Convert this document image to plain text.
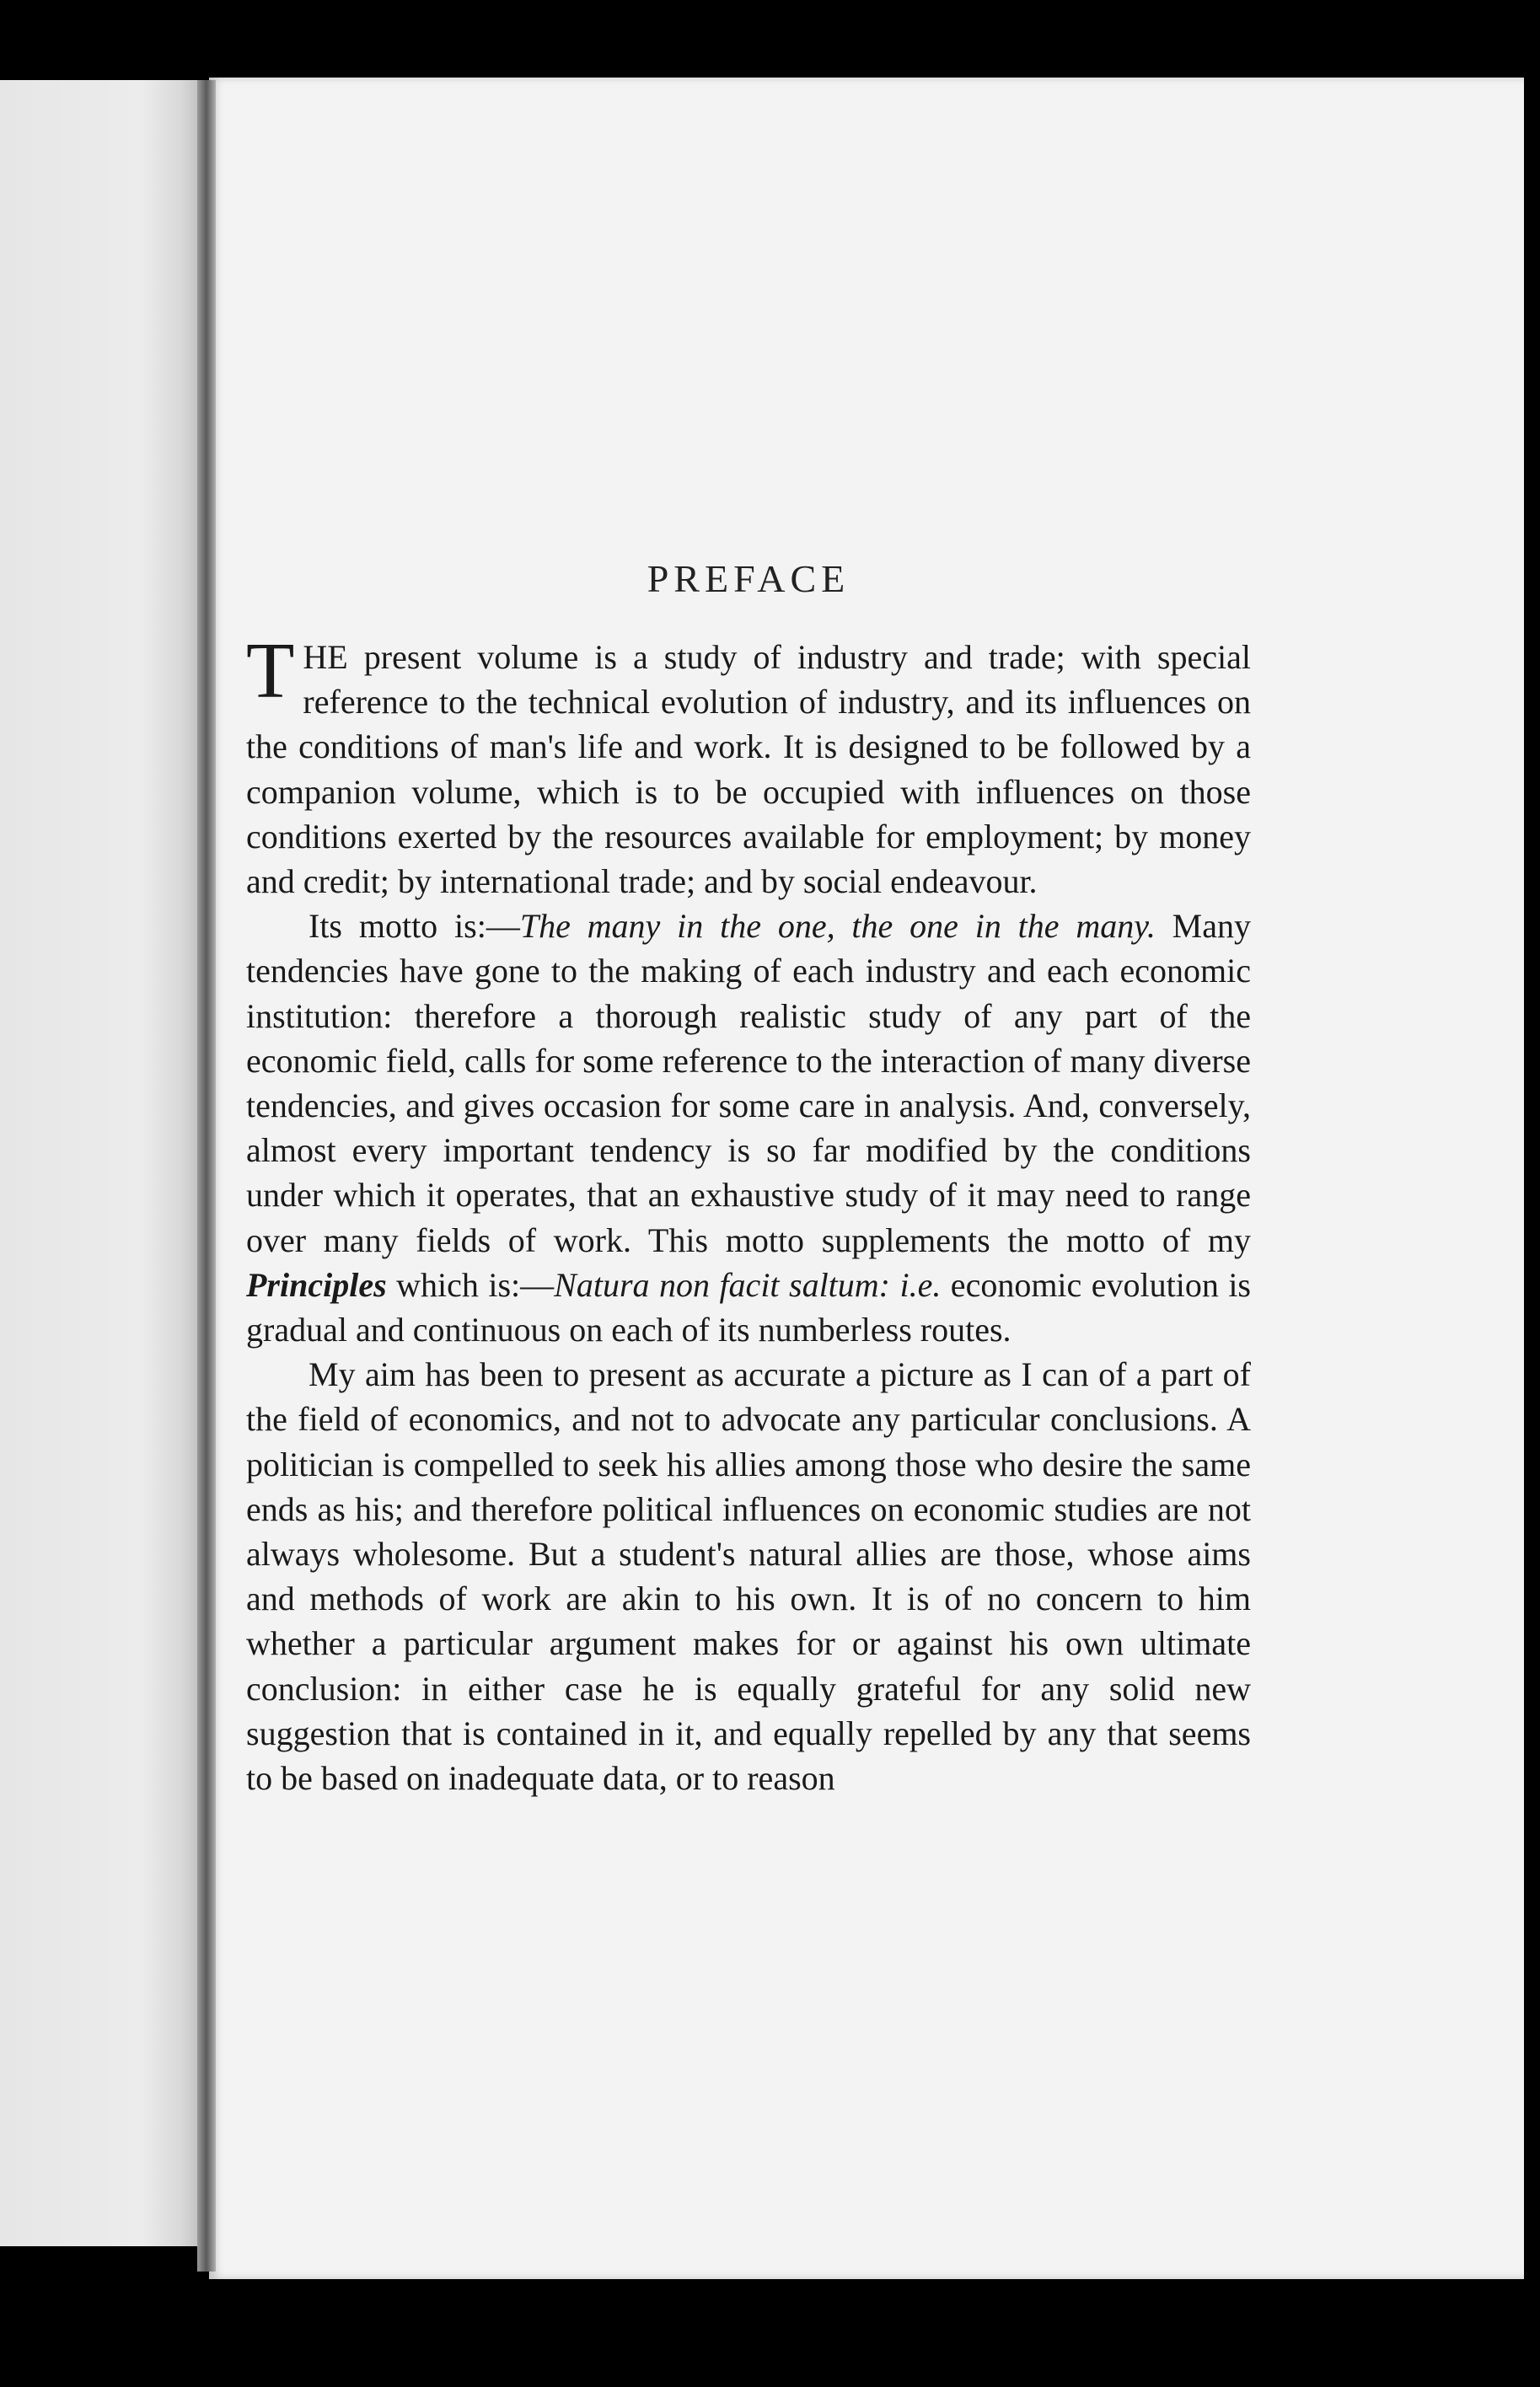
PREFACE

THE present volume is a study of industry and trade; with special reference to the technical evolution of industry, and its influences on the conditions of man's life and work. It is designed to be followed by a companion volume, which is to be occupied with influences on those conditions exerted by the resources available for employment; by money and credit; by international trade; and by social endeavour.

Its motto is:—The many in the one, the one in the many. Many tendencies have gone to the making of each industry and each economic institution: therefore a thorough realistic study of any part of the economic field, calls for some reference to the interaction of many diverse tendencies, and gives occasion for some care in analysis. And, conversely, almost every important tendency is so far modified by the conditions under which it operates, that an exhaustive study of it may need to range over many fields of work. This motto supplements the motto of my Principles which is:—Natura non facit saltum: i.e. economic evolution is gradual and continuous on each of its numberless routes.

My aim has been to present as accurate a picture as I can of a part of the field of economics, and not to advocate any particular conclusions. A politician is compelled to seek his allies among those who desire the same ends as his; and therefore political influences on economic studies are not always wholesome. But a student's natural allies are those, whose aims and methods of work are akin to his own. It is of no concern to him whether a particular argument makes for or against his own ultimate conclusion: in either case he is equally grateful for any solid new suggestion that is contained in it, and equally repelled by any that seems to be based on inadequate data, or to reason
